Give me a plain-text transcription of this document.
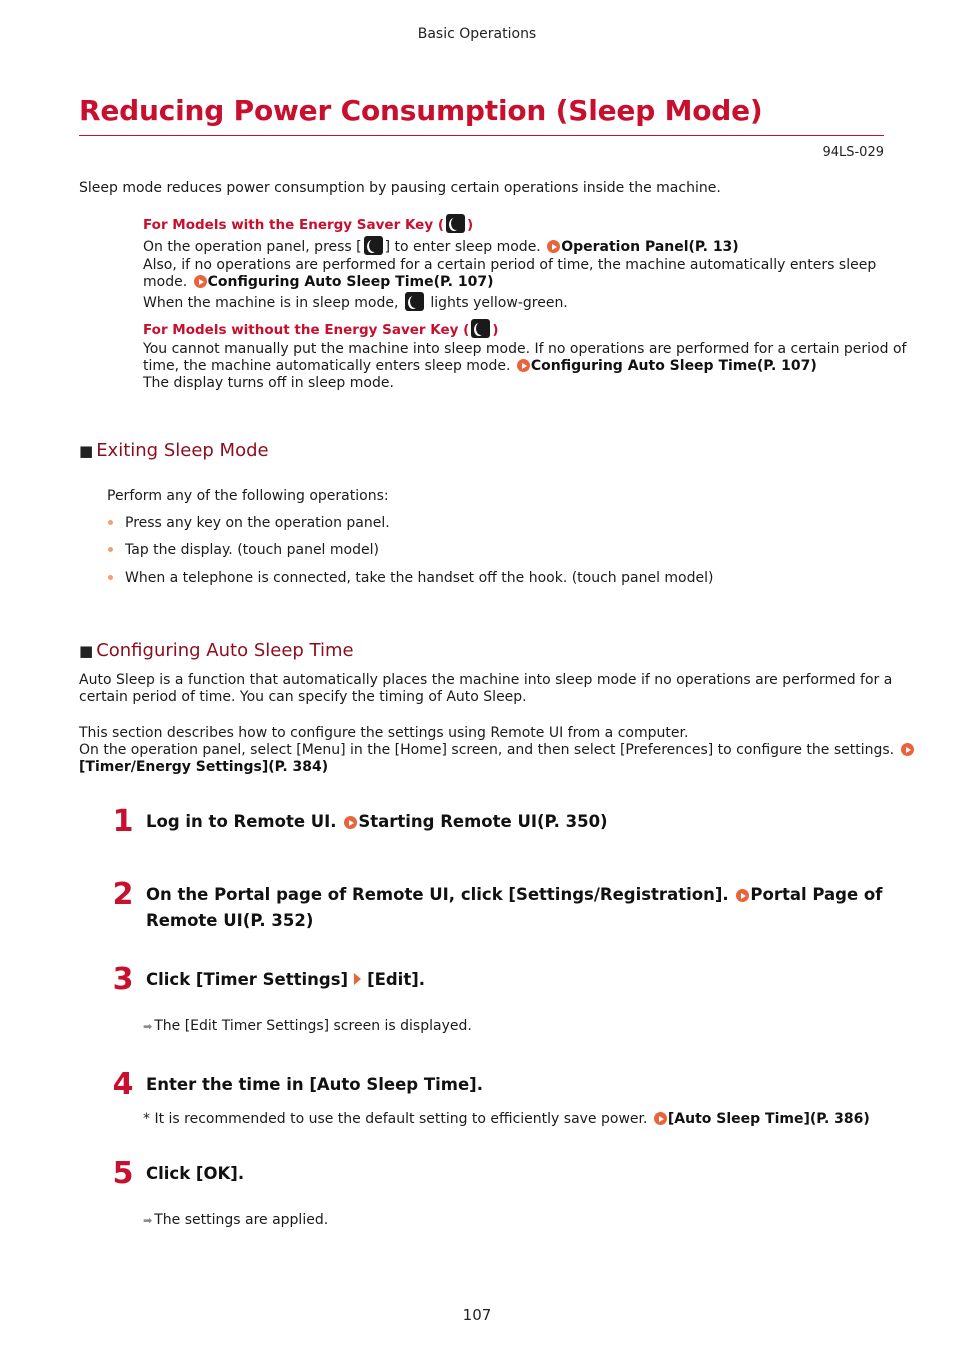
Basic Operations
Reducing Power Consumption (Sleep Mode)
94LS-029
Sleep mode reduces power consumption by pausing certain operations inside the machine.
For Models with the Energy Saver Key ( )
On the operation panel, press [ ] to enter sleep mode. Operation Panel(P. 13)
Also, if no operations are performed for a certain period of time, the machine automatically enters sleep
mode. Configuring Auto Sleep Time(P. 107)
When the machine is in sleep mode, lights yellow-green.
For Models without the Energy Saver Key ( )
You cannot manually put the machine into sleep mode. If no operations are performed for a certain period of
time, the machine automatically enters sleep mode. Configuring Auto Sleep Time(P. 107)
The display turns off in sleep mode.
■ Exiting Sleep Mode
Perform any of the following operations:
Press any key on the operation panel.
Tap the display. (touch panel model)
When a telephone is connected, take the handset off the hook. (touch panel model)
■ Configuring Auto Sleep Time
Auto Sleep is a function that automatically places the machine into sleep mode if no operations are performed for a
certain period of time. You can specify the timing of Auto Sleep.
This section describes how to configure the settings using Remote UI from a computer.
On the operation panel, select [Menu] in the [Home] screen, and then select [Preferences] to configure the settings.
[Timer/Energy Settings](P. 384)
1 Log in to Remote UI. Starting Remote UI(P. 350)
2 On the Portal page of Remote UI, click [Settings/Registration]. Portal Page of
Remote UI(P. 352)
3 Click [Timer Settings] [Edit].
➡ The [Edit Timer Settings] screen is displayed.
4 Enter the time in [Auto Sleep Time].
* It is recommended to use the default setting to efficiently save power. [Auto Sleep Time](P. 386)
5 Click [OK].
➡ The settings are applied.
107
